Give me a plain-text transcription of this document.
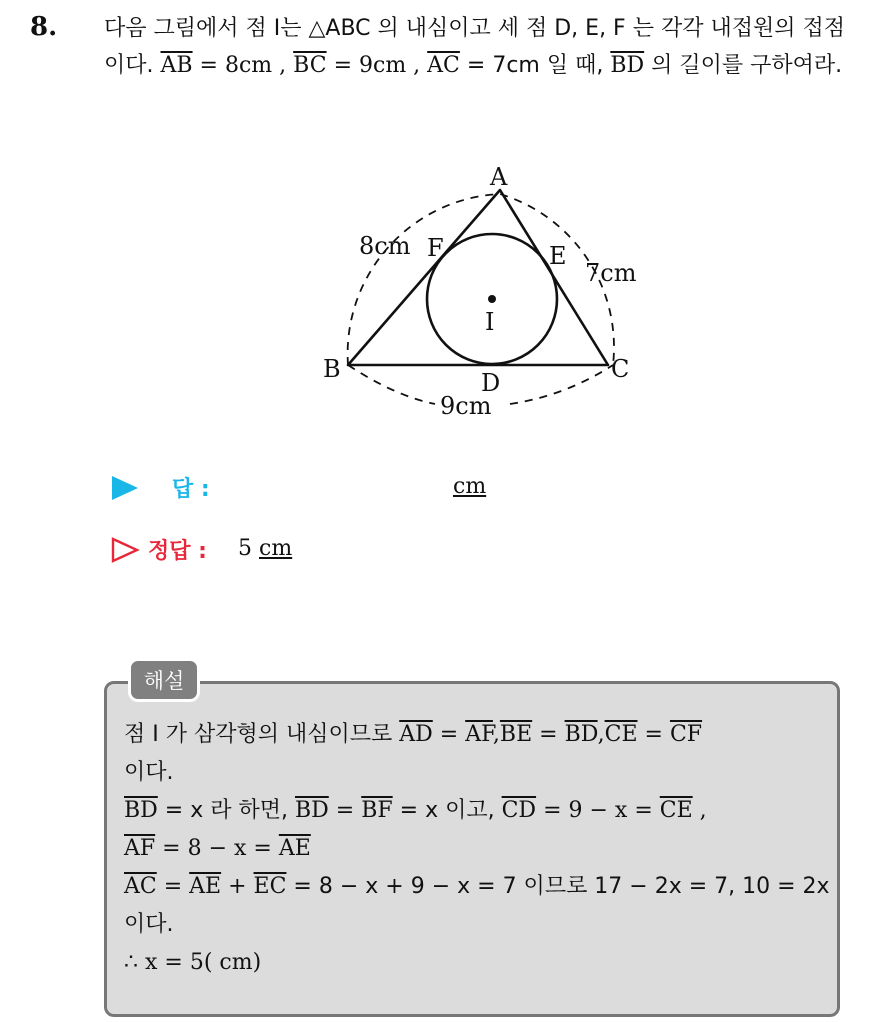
8. 다음 그림에서 점 I는 △ABC 의 내심이고 세 점 D, E, F 는 각각 내접원의 접점이다. $\overline{AB} = 8cm$ , $\overline{BC} = 9cm$ , $\overline{AC} = 7cm$ 일 때, $\overline{BD}$ 의 길이를 구하여라.
A
B	C
D
E
F
I
8cm
7cm
9cm
답 :	cm
정답 : 5 cm
해설
점 I 가 삼각형의 내심이므로 $\overline{AD} = \overline{AF},\overline{BE} = \overline{BD},\overline{CE} = \overline{CF}$
이다.
$\overline{BD} = x$ 라 하면, $\overline{BD} = \overline{BF} = x$ 이고, $\overline{CD} = 9 - x = \overline{CE}$ ,
$\overline{AF} = 8 - x = \overline{AE}$
$\overline{AC} = \overline{AE} + \overline{EC} = 8 - x + 9 - x = 7$ 이므로 17 − 2x = 7, 10 = 2x
이다.
∴ x = 5( cm)
